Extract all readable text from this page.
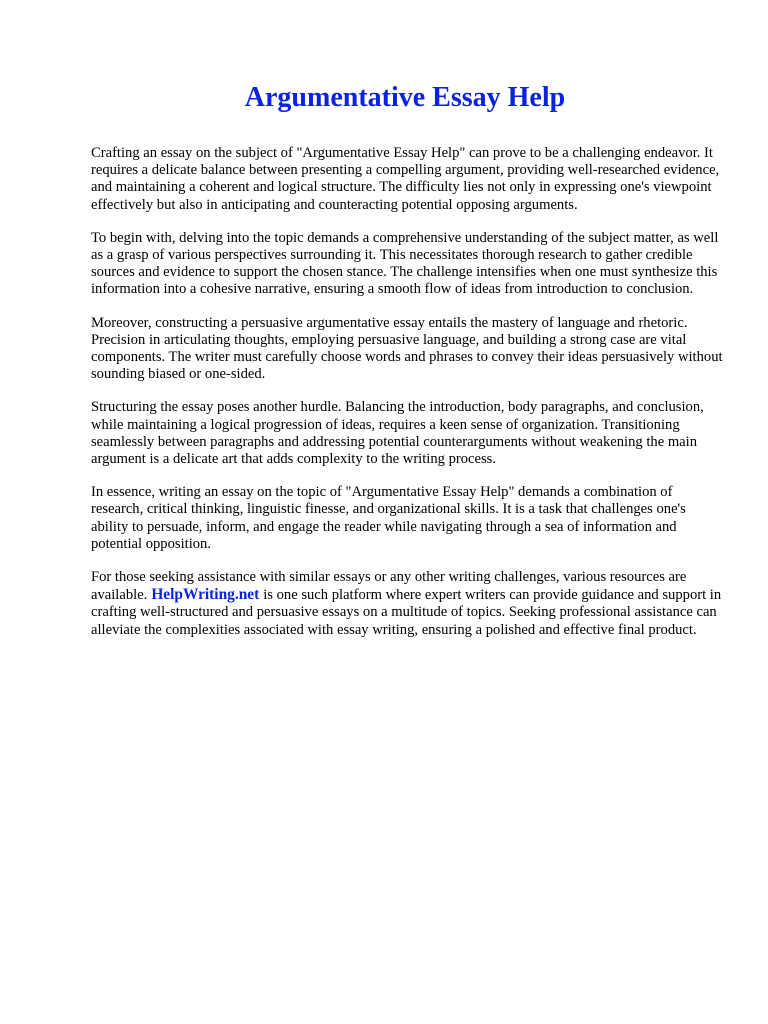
Argumentative Essay Help

Crafting an essay on the subject of "Argumentative Essay Help" can prove to be a challenging endeavor. It requires a delicate balance between presenting a compelling argument, providing well-researched evidence, and maintaining a coherent and logical structure. The difficulty lies not only in expressing one's viewpoint effectively but also in anticipating and counteracting potential opposing arguments.

To begin with, delving into the topic demands a comprehensive understanding of the subject matter, as well as a grasp of various perspectives surrounding it. This necessitates thorough research to gather credible sources and evidence to support the chosen stance. The challenge intensifies when one must synthesize this information into a cohesive narrative, ensuring a smooth flow of ideas from introduction to conclusion.

Moreover, constructing a persuasive argumentative essay entails the mastery of language and rhetoric. Precision in articulating thoughts, employing persuasive language, and building a strong case are vital components. The writer must carefully choose words and phrases to convey their ideas persuasively without sounding biased or one-sided.

Structuring the essay poses another hurdle. Balancing the introduction, body paragraphs, and conclusion, while maintaining a logical progression of ideas, requires a keen sense of organization. Transitioning seamlessly between paragraphs and addressing potential counterarguments without weakening the main argument is a delicate art that adds complexity to the writing process.

In essence, writing an essay on the topic of "Argumentative Essay Help" demands a combination of research, critical thinking, linguistic finesse, and organizational skills. It is a task that challenges one's ability to persuade, inform, and engage the reader while navigating through a sea of information and potential opposition.

For those seeking assistance with similar essays or any other writing challenges, various resources are available. HelpWriting.net is one such platform where expert writers can provide guidance and support in crafting well-structured and persuasive essays on a multitude of topics. Seeking professional assistance can alleviate the complexities associated with essay writing, ensuring a polished and effective final product.
